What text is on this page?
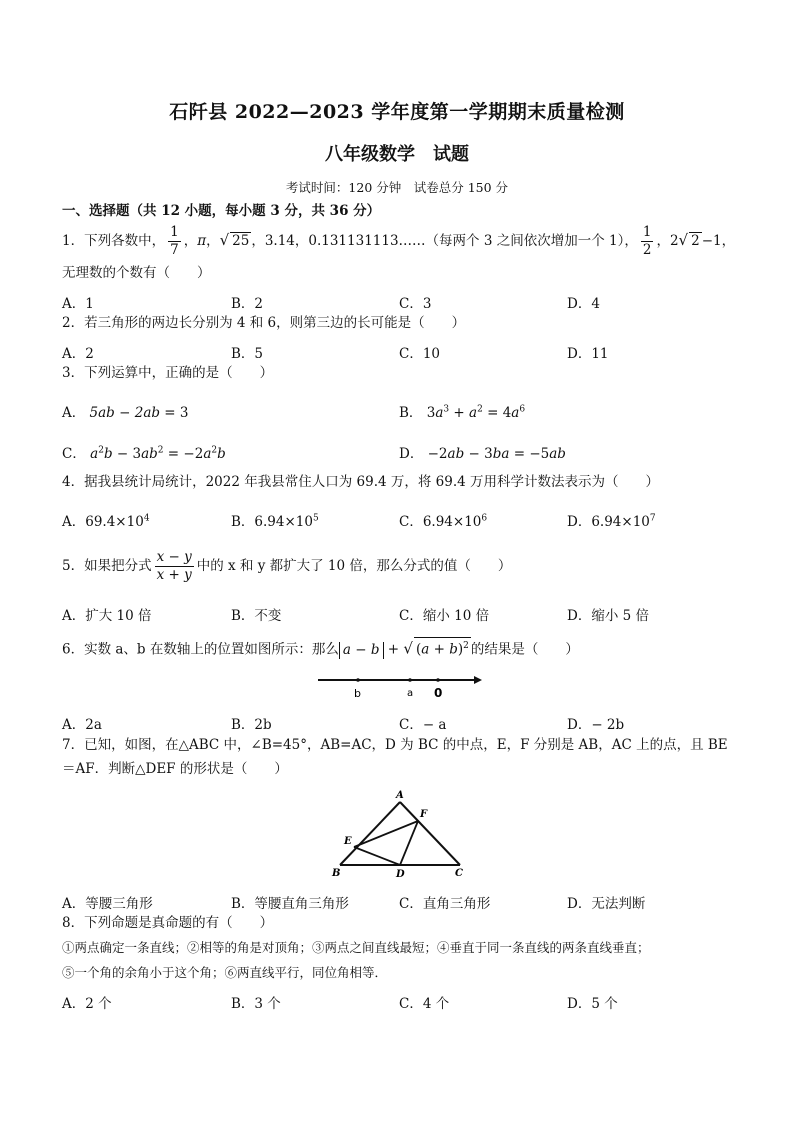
石阡县 2022—2023 学年度第一学期期末质量检测
八年级数学　试题
考试时间：120 分钟　试卷总分 150 分
一、选择题（共 12 小题，每小题 3 分，共 36 分）
1．下列各数中， $\frac{1}{7}$ ，π，√ 25 ，3.14，0.131131113……（每两个 3 之间依次增加一个 1）， $\frac{1}{2}$ ，2√ 2 −1，
无理数的个数有（　　）
A．1	B．2	C．3	D．4
2．若三角形的两边长分别为 4 和 6，则第三边的长可能是（　　）
A．2	B．5	C．10	D．11
3．下列运算中，正确的是（　　）
A． 5ab − 2ab = 3	B． $3a^3 + a^2 = 4a^6$
C． $a^2b - 3ab^2 = -2a^2b$	D． −2ab − 3ba = −5ab
4．据我县统计局统计，2022 年我县常住人口为 69.4 万，将 69.4 万用科学计数法表示为（　　）
A．$69.4\times 10^4$	B．$6.94\times 10^5$	C．$6.94\times 10^6$	D．$6.94\times 10^7$
5．如果把分式 $\frac{x - y}{x + y}$ 中的 x 和 y 都扩大了 10 倍，那么分式的值（　　）
A．扩大 10 倍	B．不变	C．缩小 10 倍	D．缩小 5 倍
6．实数 a、b 在数轴上的位置如图所示：那么 a − b + √ $(a + b)^2$ 的结果是（　　）
b	a 0
A．2a	B．2b	C．− a	D．− 2b
7．已知，如图，在△ABC 中，∠B=45°，AB=AC，D 为 BC 的中点，E，F 分别是 AB，AC 上的点，且 BE
＝AF．判断△DEF 的形状是（　　）
A
B	C
D
E
F
A．等腰三角形	B．等腰直角三角形	C．直角三角形	D．无法判断
8．下列命题是真命题的有（　　）
①两点确定一条直线；②相等的角是对顶角；③两点之间直线最短；④垂直于同一条直线的两条直线垂直；
⑤一个角的余角小于这个角；⑥两直线平行，同位角相等．
A．2 个	B．3 个	C．4 个	D．5 个
